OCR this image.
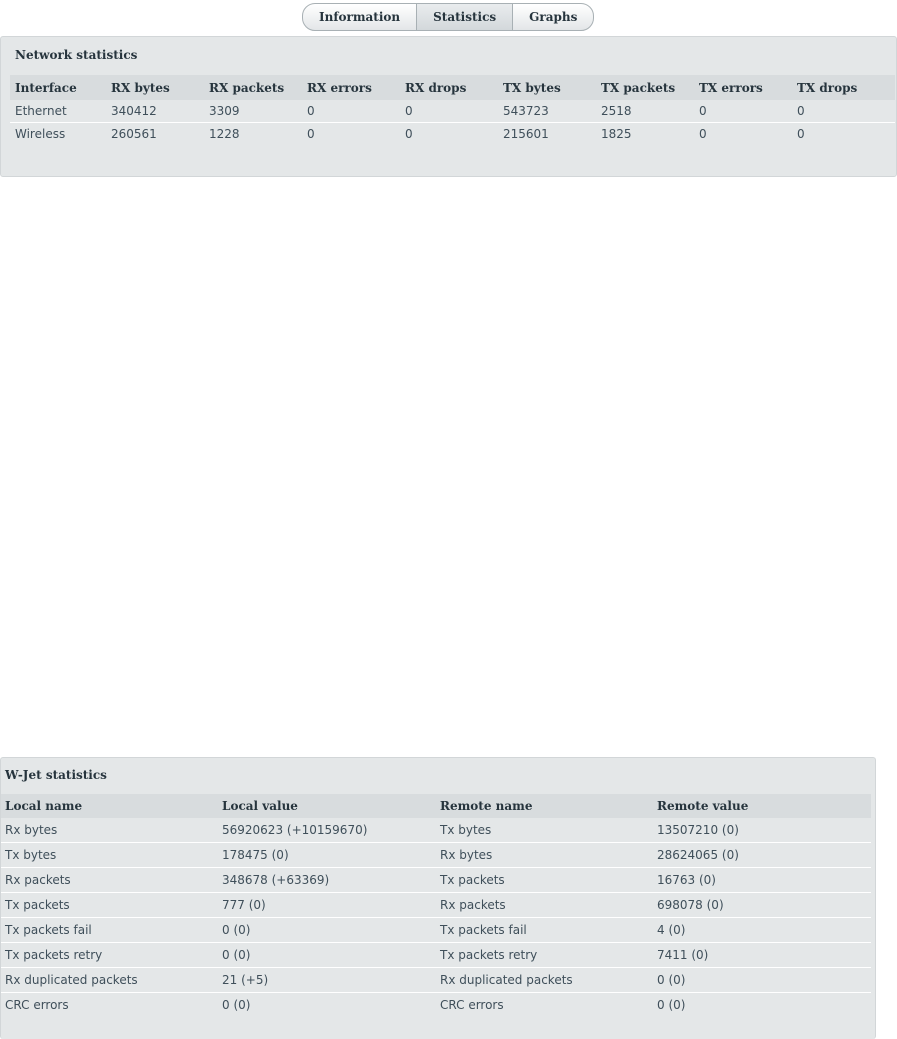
Information	Statistics	Graphs
Network statistics
Interface	RX bytes	RX packets	RX errors	RX drops	TX bytes	TX packets	TX errors	TX drops
Ethernet	340412	3309	0	0	543723	2518	0	0
Wireless	260561	1228	0	0	215601	1825	0	0
W-Jet statistics
Local name	Local value	Remote name	Remote value
Rx bytes	56920623 (+10159670)	Tx bytes	13507210 (0)
Tx bytes	178475 (0)	Rx bytes	28624065 (0)
Rx packets	348678 (+63369)	Tx packets	16763 (0)
Tx packets	777 (0)	Rx packets	698078 (0)
Tx packets fail	0 (0)	Tx packets fail	4 (0)
Tx packets retry	0 (0)	Tx packets retry	7411 (0)
Rx duplicated packets	21 (+5)	Rx duplicated packets	0 (0)
CRC errors	0 (0)	CRC errors	0 (0)
